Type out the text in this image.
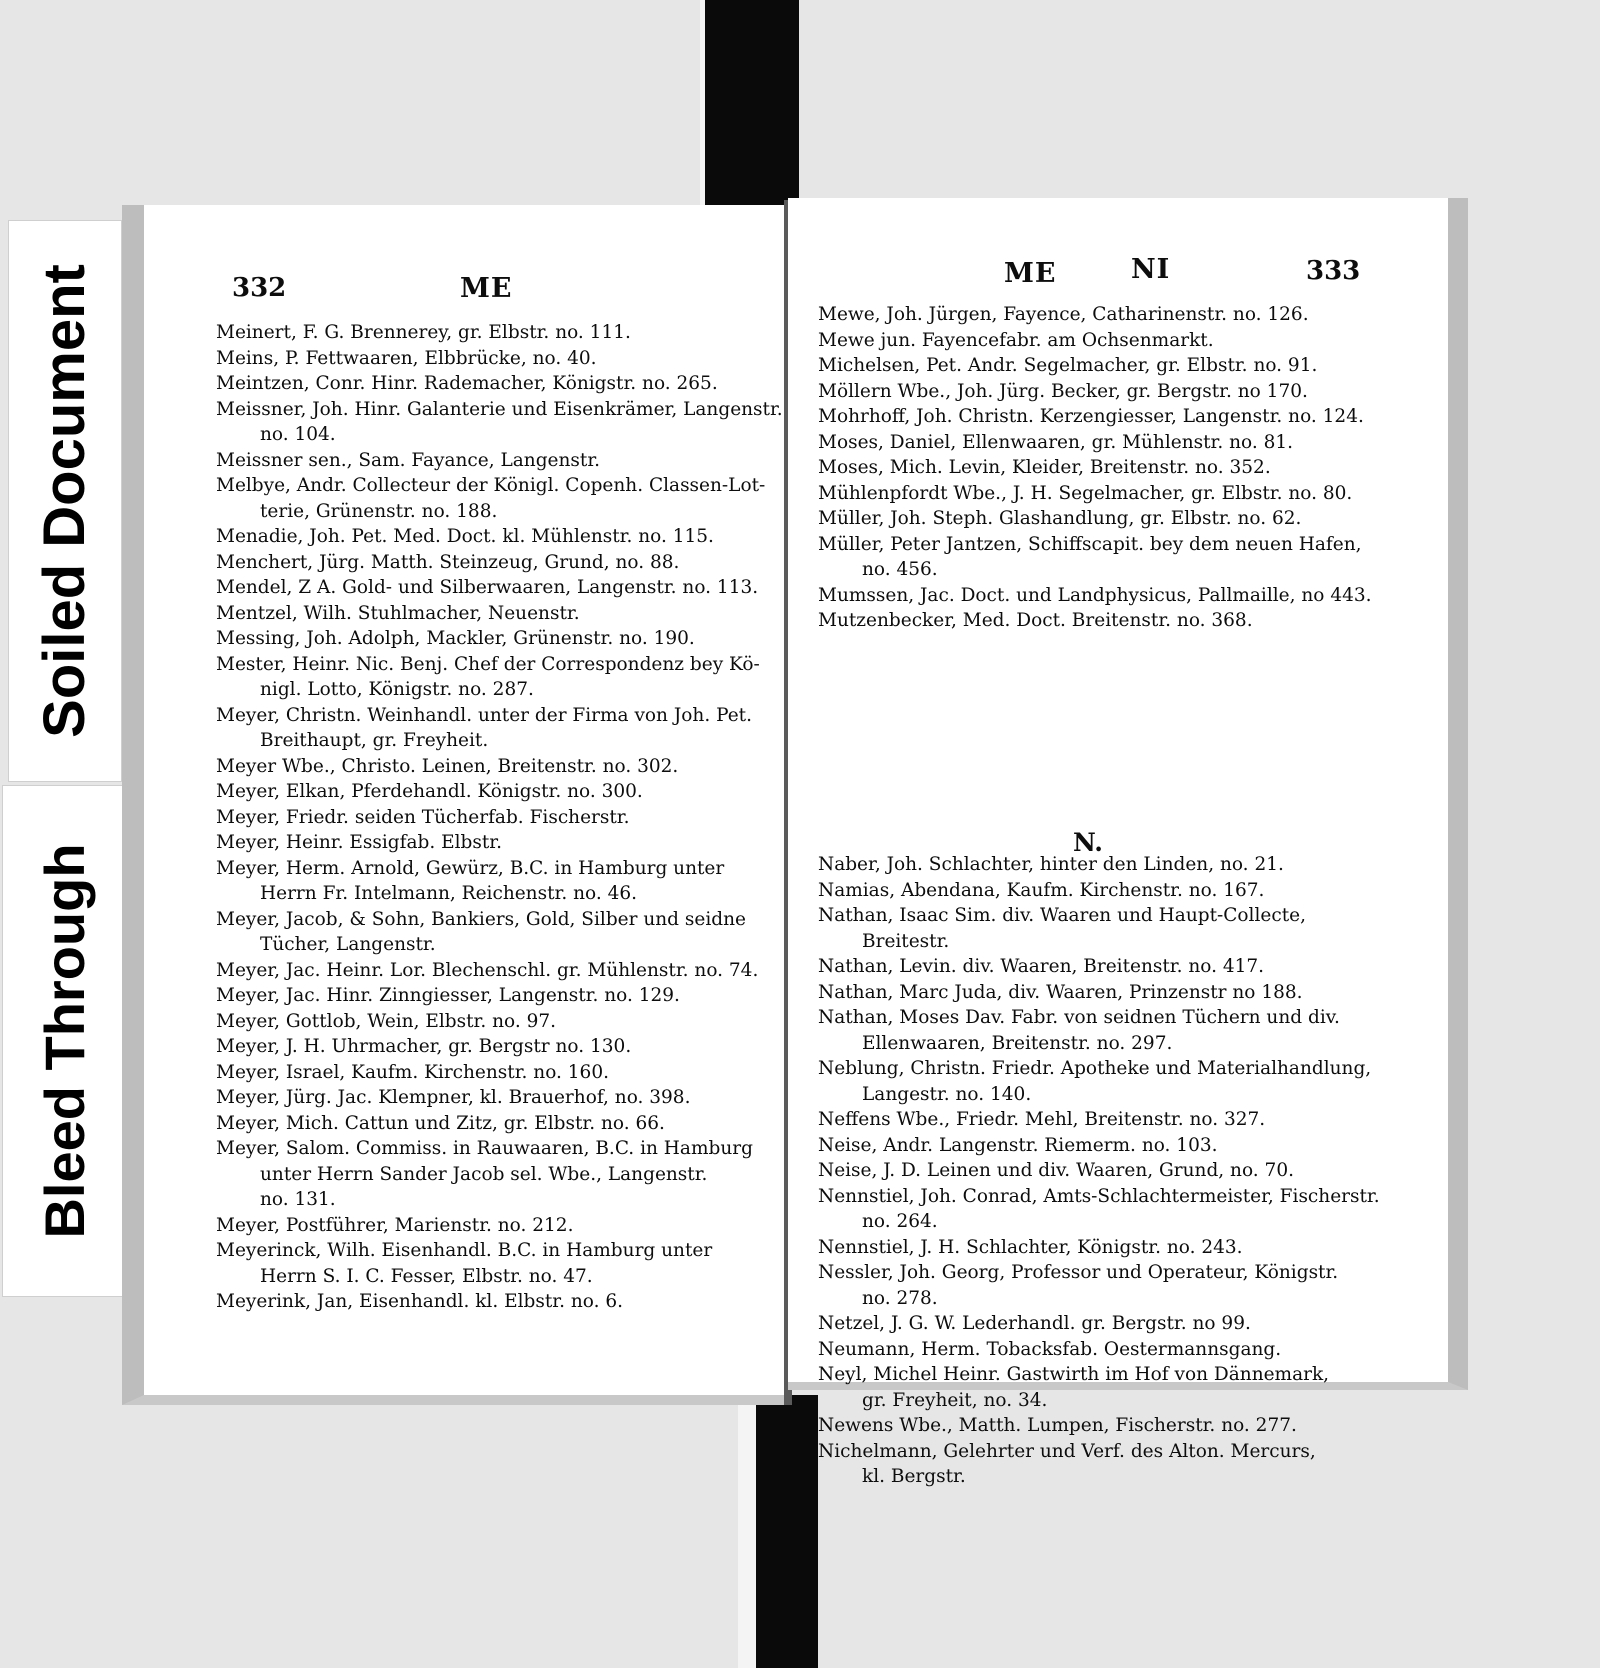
Soiled Document
Bleed Through
332	ME
Meinert, F. G. Brennerey, gr. Elbstr. no. 111.
Meins, P. Fettwaaren, Elbbrücke, no. 40.
Meintzen, Conr. Hinr. Rademacher, Königstr. no. 265.
Meissner, Joh. Hinr. Galanterie und Eisenkrämer, Langenstr.
no. 104.
Meissner sen., Sam. Fayance, Langenstr.
Melbye, Andr. Collecteur der Königl. Copenh. Classen-Lot-
terie, Grünenstr. no. 188.
Menadie, Joh. Pet. Med. Doct. kl. Mühlenstr. no. 115.
Menchert, Jürg. Matth. Steinzeug, Grund, no. 88.
Mendel, Z A. Gold- und Silberwaaren, Langenstr. no. 113.
Mentzel, Wilh. Stuhlmacher, Neuenstr.
Messing, Joh. Adolph, Mackler, Grünenstr. no. 190.
Mester, Heinr. Nic. Benj. Chef der Correspondenz bey Kö-
nigl. Lotto, Königstr. no. 287.
Meyer, Christn. Weinhandl. unter der Firma von Joh. Pet.
Breithaupt, gr. Freyheit.
Meyer Wbe., Christo. Leinen, Breitenstr. no. 302.
Meyer, Elkan, Pferdehandl. Königstr. no. 300.
Meyer, Friedr. seiden Tücherfab. Fischerstr.
Meyer, Heinr. Essigfab. Elbstr.
Meyer, Herm. Arnold, Gewürz, B.C. in Hamburg unter
Herrn Fr. Intelmann, Reichenstr. no. 46.
Meyer, Jacob, & Sohn, Bankiers, Gold, Silber und seidne
Tücher, Langenstr.
Meyer, Jac. Heinr. Lor. Blechenschl. gr. Mühlenstr. no. 74.
Meyer, Jac. Hinr. Zinngiesser, Langenstr. no. 129.
Meyer, Gottlob, Wein, Elbstr. no. 97.
Meyer, J. H. Uhrmacher, gr. Bergstr no. 130.
Meyer, Israel, Kaufm. Kirchenstr. no. 160.
Meyer, Jürg. Jac. Klempner, kl. Brauerhof, no. 398.
Meyer, Mich. Cattun und Zitz, gr. Elbstr. no. 66.
Meyer, Salom. Commiss. in Rauwaaren, B.C. in Hamburg
unter Herrn Sander Jacob sel. Wbe., Langenstr.
no. 131.
Meyer, Postführer, Marienstr. no. 212.
Meyerinck, Wilh. Eisenhandl. B.C. in Hamburg unter
Herrn S. I. C. Fesser, Elbstr. no. 47.
Meyerink, Jan, Eisenhandl. kl. Elbstr. no. 6.
ME	NI	333
Mewe, Joh. Jürgen, Fayence, Catharinenstr. no. 126.
Mewe jun. Fayencefabr. am Ochsenmarkt.
Michelsen, Pet. Andr. Segelmacher, gr. Elbstr. no. 91.
Möllern Wbe., Joh. Jürg. Becker, gr. Bergstr. no 170.
Mohrhoff, Joh. Christn. Kerzengiesser, Langenstr. no. 124.
Moses, Daniel, Ellenwaaren, gr. Mühlenstr. no. 81.
Moses, Mich. Levin, Kleider, Breitenstr. no. 352.
Mühlenpfordt Wbe., J. H. Segelmacher, gr. Elbstr. no. 80.
Müller, Joh. Steph. Glashandlung, gr. Elbstr. no. 62.
Müller, Peter Jantzen, Schiffscapit. bey dem neuen Hafen,
no. 456.
Mumssen, Jac. Doct. und Landphysicus, Pallmaille, no 443.
Mutzenbecker, Med. Doct. Breitenstr. no. 368.
N.
Naber, Joh. Schlachter, hinter den Linden, no. 21.
Namias, Abendana, Kaufm. Kirchenstr. no. 167.
Nathan, Isaac Sim. div. Waaren und Haupt-Collecte,
Breitestr.
Nathan, Levin. div. Waaren, Breitenstr. no. 417.
Nathan, Marc Juda, div. Waaren, Prinzenstr no 188.
Nathan, Moses Dav. Fabr. von seidnen Tüchern und div.
Ellenwaaren, Breitenstr. no. 297.
Neblung, Christn. Friedr. Apotheke und Materialhandlung,
Langestr. no. 140.
Neffens Wbe., Friedr. Mehl, Breitenstr. no. 327.
Neise, Andr. Langenstr. Riemerm. no. 103.
Neise, J. D. Leinen und div. Waaren, Grund, no. 70.
Nennstiel, Joh. Conrad, Amts-Schlachtermeister, Fischerstr.
no. 264.
Nennstiel, J. H. Schlachter, Königstr. no. 243.
Nessler, Joh. Georg, Professor und Operateur, Königstr.
no. 278.
Netzel, J. G. W. Lederhandl. gr. Bergstr. no 99.
Neumann, Herm. Tobacksfab. Oestermannsgang.
Neyl, Michel Heinr. Gastwirth im Hof von Dännemark,
gr. Freyheit, no. 34.
Newens Wbe., Matth. Lumpen, Fischerstr. no. 277.
Nichelmann, Gelehrter und Verf. des Alton. Mercurs,
kl. Bergstr.
